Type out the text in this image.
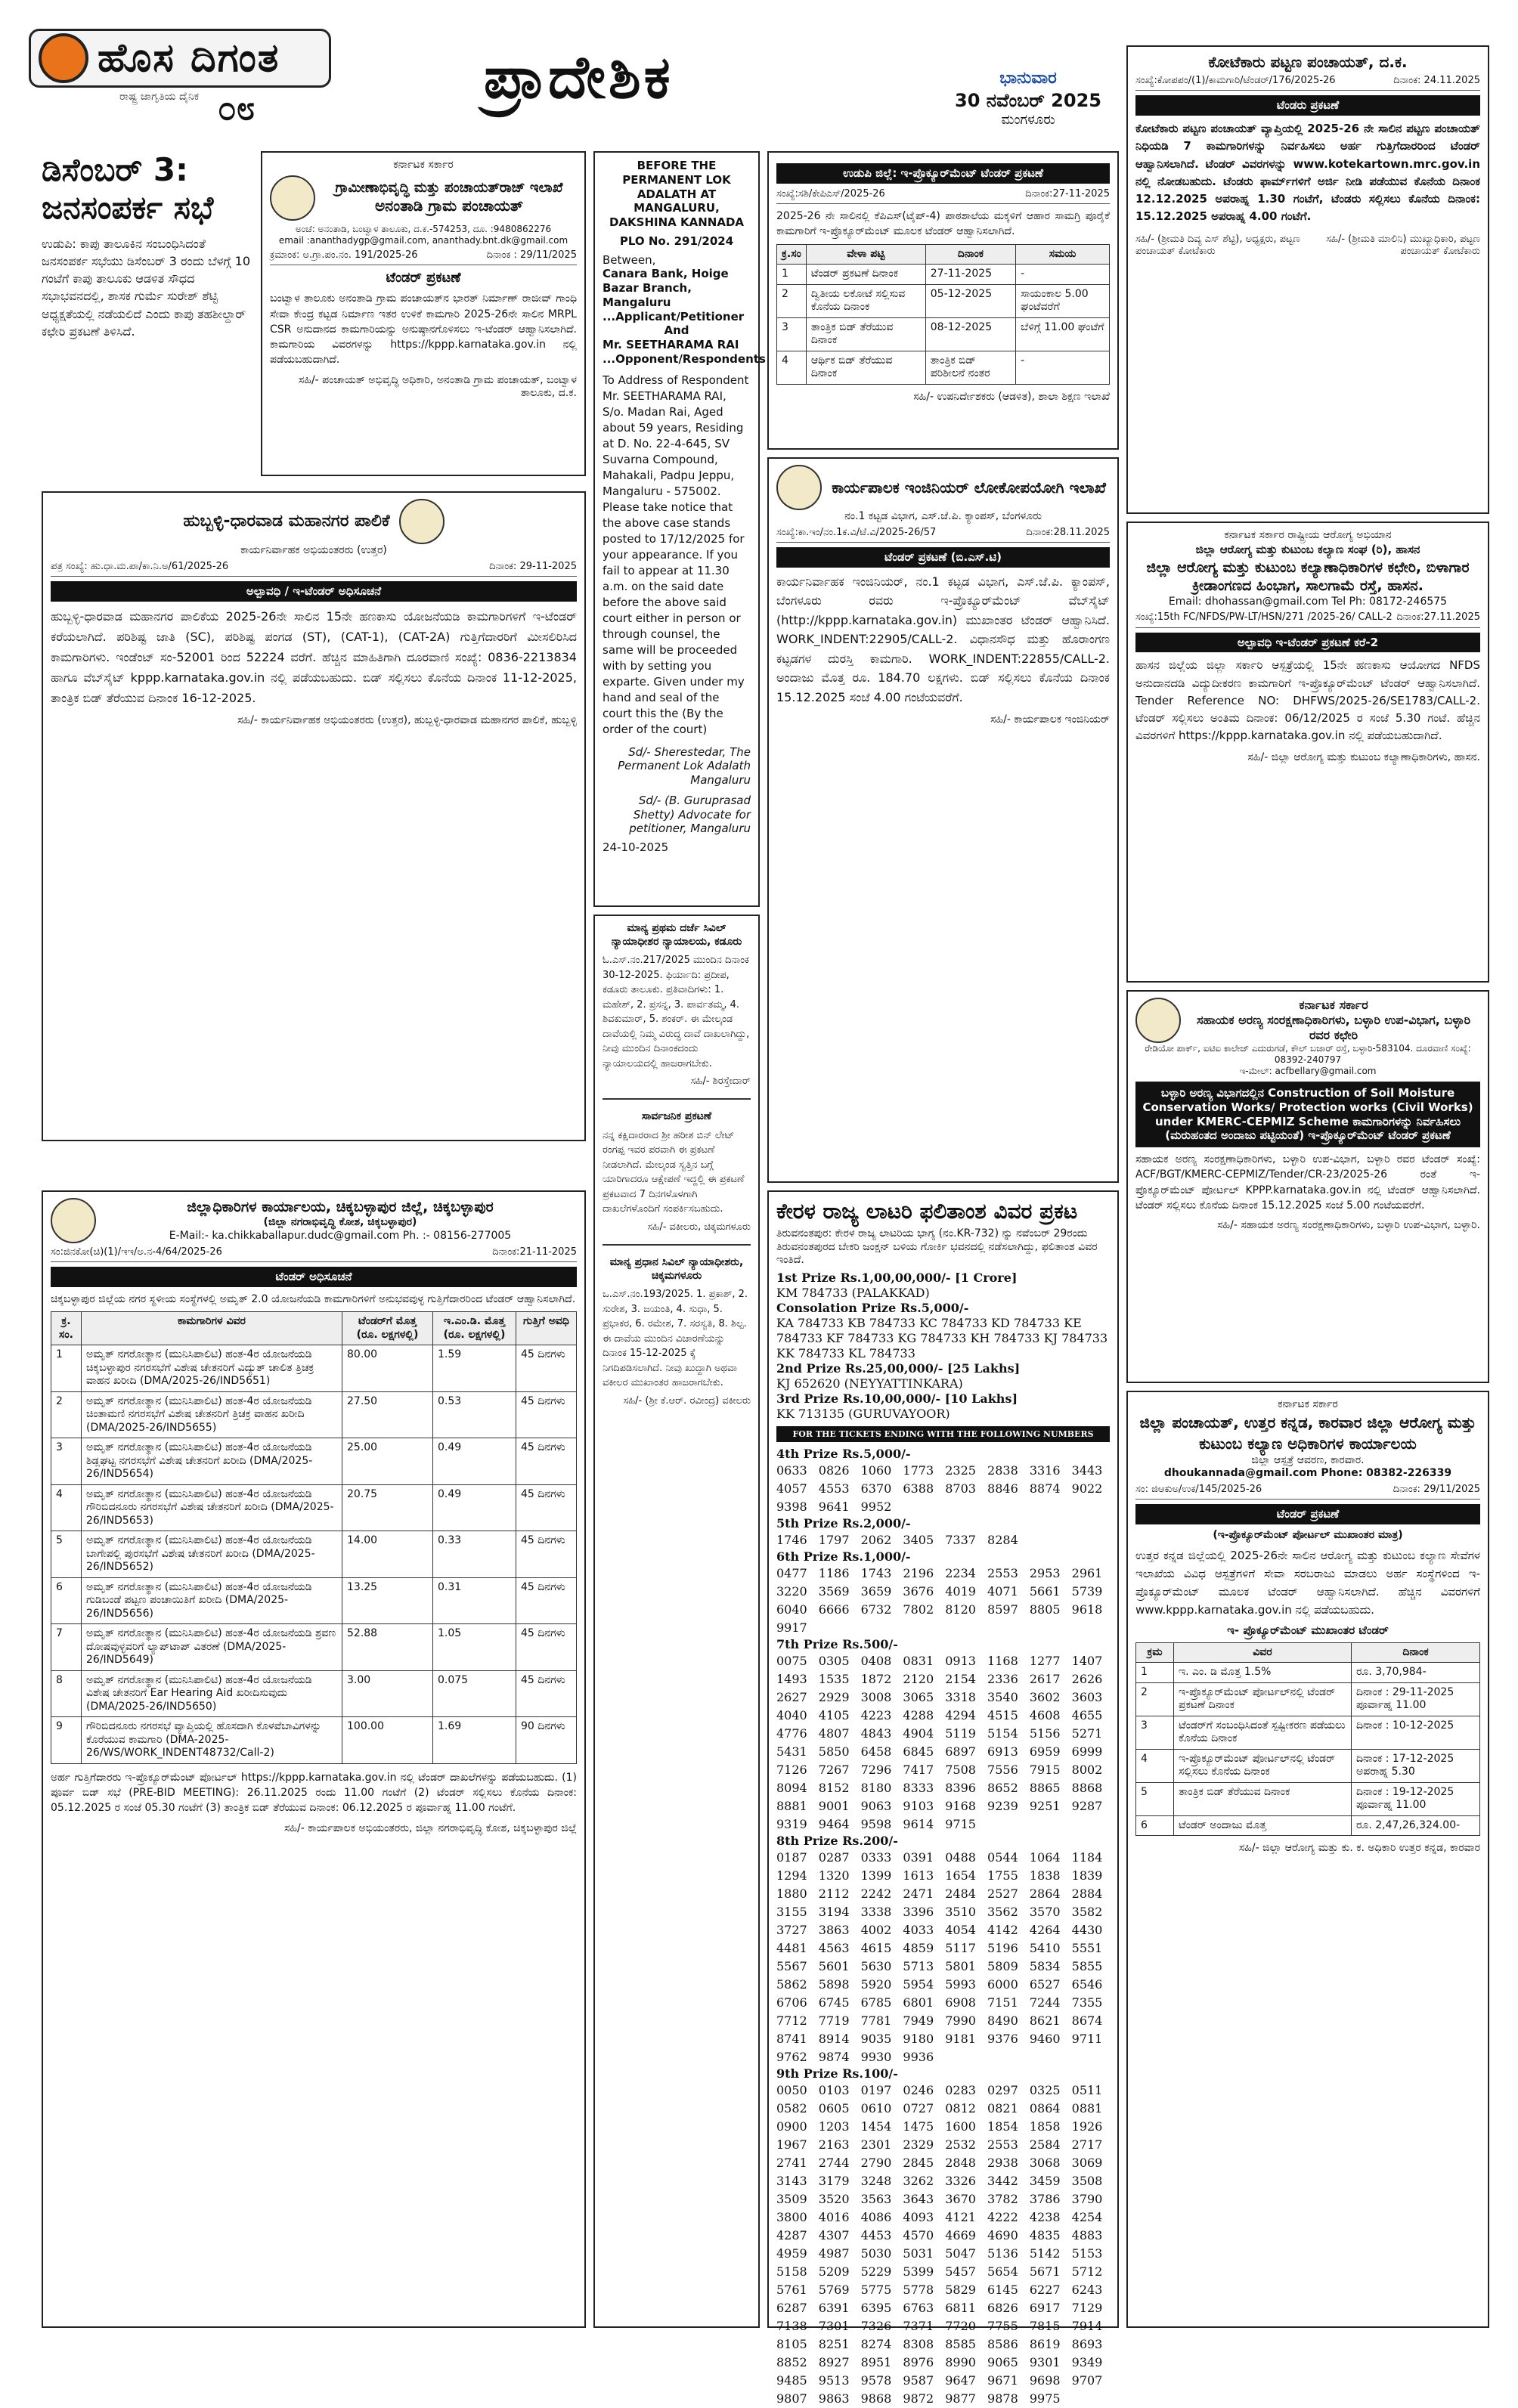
ಹೊಸ ದಿಗಂತ
ರಾಷ್ಟ್ರ ಜಾಗೃತಿಯ ದೈನಿಕ ೦೮	ಪ್ರಾದೇಶಿಕ	ಭಾನುವಾರ
30 ನವೆಂಬರ್ 2025
ಮಂಗಳೂರು
ಡಿಸೆಂಬರ್ 3: ಜನಸಂಪರ್ಕ ಸಭೆ

ಉಡುಪಿ: ಕಾಪು ತಾಲೂಕಿನ ಸಂಬಂಧಿಸಿದಂತೆ ಜನಸಂಪರ್ಕ ಸಭೆಯು ಡಿಸೆಂಬರ್ 3 ರಂದು ಬೆಳಗ್ಗೆ 10 ಗಂಟೆಗೆ ಕಾಪು ತಾಲೂಕು ಆಡಳಿತ ಸೌಧದ ಸಭಾಭವನದಲ್ಲಿ, ಶಾಸಕ ಗುರ್ಮೆ ಸುರೇಶ್ ಶೆಟ್ಟಿ ಅಧ್ಯಕ್ಷತೆಯಲ್ಲಿ ನಡೆಯಲಿದೆ ಎಂದು ಕಾಪು ತಹಶೀಲ್ದಾರ್ ಕಛೇರಿ ಪ್ರಕಟಣೆ ತಿಳಿಸಿದೆ.

ಕರ್ನಾಟಕ ಸರ್ಕಾರ
ಗ್ರಾಮೀಣಾಭಿವೃದ್ಧಿ ಮತ್ತು ಪಂಚಾಯತ್‌ರಾಜ್ ಇಲಾಖೆ
ಅನಂತಾಡಿ ಗ್ರಾಮ ಪಂಚಾಯತ್
ಅಂಚೆ: ಅನಂತಾಡಿ, ಬಂಟ್ವಾಳ ತಾಲೂಕು, ದ.ಕ.-574253, ದೂ. :9480862276
email :ananthadygp@gmail.com, ananthady.bnt.dk@gmail.com
ಕ್ರಮಾಂಕ: ಅ.ಗ್ರಾ.ಪಂ.ನಂ. 191/2025-26	ದಿನಾಂಕ : 29/11/2025
ಟೆಂಡರ್ ಪ್ರಕಟಣೆ
ಬಂಟ್ವಾಳ ತಾಲೂಕು ಅನಂತಾಡಿ ಗ್ರಾಮ ಪಂಚಾಯತ್‌ನ ಭಾರತ್ ನಿರ್ಮಾಣ್ ರಾಜೀವ್ ಗಾಂಧಿ ಸೇವಾ ಕೇಂದ್ರ ಕಟ್ಟಡ ನಿರ್ಮಾಣ ಇತರ ಉಳಿಕೆ ಕಾಮಗಾರಿ 2025-26ನೇ ಸಾಲಿನ MRPL CSR ಅನುದಾನದ ಕಾಮಗಾರಿಯನ್ನು ಅನುಷ್ಠಾನಗೊಳಿಸಲು ಇ-ಟೆಂಡರ್ ಆಹ್ವಾನಿಸಲಾಗಿದೆ. ಕಾಮಗಾರಿಯ ವಿವರಗಳನ್ನು https://kppp.karnataka.gov.in ನಲ್ಲಿ ಪಡೆಯಬಹುದಾಗಿದೆ.
ಸಹಿ/- ಪಂಚಾಯತ್ ಅಭಿವೃದ್ಧಿ ಅಧಿಕಾರಿ, ಅನಂತಾಡಿ ಗ್ರಾಮ ಪಂಚಾಯತ್, ಬಂಟ್ವಾಳ ತಾಲೂಕು, ದ.ಕ.
BEFORE THE PERMANENT LOK ADALATH AT MANGALURU, DAKSHINA KANNADA
PLO No. 291/2024
Between,
Canara Bank, Hoige Bazar Branch, Mangaluru ...Applicant/Petitioner
And
Mr. SEETHARAMA RAI ...Opponent/Respondents
To Address of Respondent Mr. SEETHARAMA RAI, S/o. Madan Rai, Aged about 59 years, Residing at D. No. 22-4-645, SV Suvarna Compound, Mahakali, Padpu Jeppu, Mangaluru - 575002. Please take notice that the above case stands posted to 17/12/2025 for your appearance. If you fail to appear at 11.30 a.m. on the said date before the above said court either in person or through counsel, the same will be proceeded with by setting you exparte. Given under my hand and seal of the court this the (By the order of the court)
Sd/- Sherestedar, The Permanent Lok Adalath Mangaluru
Sd/- (B. Guruprasad Shetty) Advocate for petitioner, Mangaluru
24-10-2025
ಉಡುಪಿ ಜಿಲ್ಲೆ: ಇ-ಪ್ರೊಕ್ಯೂರ್‌ಮೆಂಟ್ ಟೆಂಡರ್ ಪ್ರಕಟಣೆ
ಸಂಖ್ಯೆ:ಸಶಿ/ಕೇಪಿಎಸ್/2025-26	ದಿನಾಂಕ:27-11-2025
2025-26 ನೇ ಸಾಲಿನಲ್ಲಿ ಕೆಪಿಎಸ್(ಟೈಪ್-4) ಪಾಠಶಾಲೆಯ ಮಕ್ಕಳಿಗೆ ಆಹಾರ ಸಾಮಗ್ರಿ ಪೂರೈಕೆ ಕಾಮಗಾರಿಗೆ ಇ-ಪ್ರೊಕ್ಯೂರ್‌ಮೆಂಟ್ ಮೂಲಕ ಟೆಂಡರ್ ಆಹ್ವಾನಿಸಲಾಗಿದೆ.
ಕ್ರ.ಸಂ	ವೇಳಾ ಪಟ್ಟಿ	ದಿನಾಂಕ	ಸಮಯ
1	ಟೆಂಡರ್ ಪ್ರಕಟಣೆ ದಿನಾಂಕ	27-11-2025	-
2	ದ್ವಿತೀಯ ಲಕೋಟೆ ಸಲ್ಲಿಸುವ ಕೊನೆಯ ದಿನಾಂಕ	05-12-2025	ಸಾಯಂಕಾಲ 5.00 ಘಂಟೆವರೆಗೆ
3	ತಾಂತ್ರಿಕ ಬಿಡ್ ತೆರೆಯುವ ದಿನಾಂಕ	08-12-2025	ಬೆಳಿಗ್ಗೆ 11.00 ಘಂಟೆಗೆ
4	ಆರ್ಥಿಕ ಬಿಡ್ ತೆರೆಯುವ ದಿನಾಂಕ	ತಾಂತ್ರಿಕ ಬಿಡ್ ಪರಿಶೀಲನೆ ನಂತರ	-
ಸಹಿ/- ಉಪನಿರ್ದೇಶಕರು (ಆಡಳಿತ), ಶಾಲಾ ಶಿಕ್ಷಣ ಇಲಾಖೆ
ಕಾರ್ಯಪಾಲಕ ಇಂಜಿನಿಯರ್ ಲೋಕೋಪಯೋಗಿ ಇಲಾಖೆ
ನಂ.1 ಕಟ್ಟಡ ವಿಭಾಗ, ಎಸ್.ಜೆ.ಪಿ. ಕ್ಯಾಂಪಸ್, ಬೆಂಗಳೂರು
ಸಂಖ್ಯೆ:ಕಾ.ಇಂ/ನಂ.1ಕ.ವಿ/ಟೆ.ವಿ/2025-26/57	ದಿನಾಂಕ:28.11.2025
ಟೆಂಡರ್ ಪ್ರಕಟಣೆ (ಬಿ.ಎಸ್.ಟಿ)
ಕಾರ್ಯನಿರ್ವಾಹಕ ಇಂಜಿನಿಯರ್, ನಂ.1 ಕಟ್ಟಡ ವಿಭಾಗ, ಎಸ್.ಜೆ.ಪಿ. ಕ್ಯಾಂಪಸ್, ಬೆಂಗಳೂರು ರವರು ಇ-ಪ್ರೊಕ್ಯೂರ್‌ಮೆಂಟ್ ವೆಬ್‌ಸೈಟ್ (http://kppp.karnataka.gov.in) ಮುಖಾಂತರ ಟೆಂಡರ್ ಆಹ್ವಾನಿಸಿದೆ. WORK_INDENT:22905/CALL-2. ವಿಧಾನಸೌಧ ಮತ್ತು ಹೊರಾಂಗಣ ಕಟ್ಟಡಗಳ ದುರಸ್ತಿ ಕಾಮಗಾರಿ. WORK_INDENT:22855/CALL-2. ಅಂದಾಜು ಮೊತ್ತ ರೂ. 184.70 ಲಕ್ಷಗಳು. ಬಿಡ್ ಸಲ್ಲಿಸಲು ಕೊನೆಯ ದಿನಾಂಕ 15.12.2025 ಸಂಜೆ 4.00 ಗಂಟೆಯವರೆಗೆ.
ಸಹಿ/- ಕಾರ್ಯಪಾಲಕ ಇಂಜಿನಿಯರ್
ಹುಬ್ಬಳ್ಳಿ-ಧಾರವಾಡ ಮಹಾನಗರ ಪಾಲಿಕೆ
ಕಾರ್ಯನಿರ್ವಾಹಕ ಅಭಿಯಂತರರು (ಉತ್ತರ)
ಪತ್ರ ಸಂಖ್ಯೆ: ಹು.ಧಾ.ಮ.ಪಾ/ಕಾ.ನಿ.ಅ/61/2025-26	ದಿನಾಂಕ: 29-11-2025
ಅಲ್ಪಾವಧಿ / ಇ-ಟೆಂಡರ್ ಅಧಿಸೂಚನೆ
ಹುಬ್ಬಳ್ಳಿ-ಧಾರವಾಡ ಮಹಾನಗರ ಪಾಲಿಕೆಯ 2025-26ನೇ ಸಾಲಿನ 15ನೇ ಹಣಕಾಸು ಯೋಜನೆಯಡಿ ಕಾಮಗಾರಿಗಳಿಗೆ ಇ-ಟೆಂಡರ್ ಕರೆಯಲಾಗಿದೆ. ಪರಿಶಿಷ್ಟ ಜಾತಿ (SC), ಪರಿಶಿಷ್ಟ ಪಂಗಡ (ST), (CAT-1), (CAT-2A) ಗುತ್ತಿಗೆದಾರರಿಗೆ ಮೀಸಲಿರಿಸಿದ ಕಾಮಗಾರಿಗಳು. ಇಂಡೆಂಟ್ ಸಂ-52001 ರಿಂದ 52224 ವರೆಗೆ. ಹೆಚ್ಚಿನ ಮಾಹಿತಿಗಾಗಿ ದೂರವಾಣಿ ಸಂಖ್ಯೆ: 0836-2213834 ಹಾಗೂ ವೆಬ್‌ಸೈಟ್ kppp.karnataka.gov.in ನಲ್ಲಿ ಪಡೆಯಬಹುದು. ಬಿಡ್ ಸಲ್ಲಿಸಲು ಕೊನೆಯ ದಿನಾಂಕ 11-12-2025, ತಾಂತ್ರಿಕ ಬಿಡ್ ತೆರೆಯುವ ದಿನಾಂಕ 16-12-2025.
ಸಹಿ/- ಕಾರ್ಯನಿರ್ವಾಹಕ ಅಭಿಯಂತರರು (ಉತ್ತರ), ಹುಬ್ಬಳ್ಳಿ-ಧಾರವಾಡ ಮಹಾನಗರ ಪಾಲಿಕೆ, ಹುಬ್ಬಳ್ಳಿ
ಜಿಲ್ಲಾಧಿಕಾರಿಗಳ ಕಾರ್ಯಾಲಯ, ಚಿಕ್ಕಬಳ್ಳಾಪುರ ಜಿಲ್ಲೆ, ಚಿಕ್ಕಬಳ್ಳಾಪುರ
(ಜಿಲ್ಲಾ ನಗರಾಭಿವೃದ್ಧಿ ಕೋಶ, ಚಿಕ್ಕಬಳ್ಳಾಪುರ)
E-Mail:- ka.chikkaballapur.dudc@gmail.com Ph. :- 08156-277005
ಸಂ:ಜಿನಕೋ(ಚಿ)(1)/ಇಇ/ಅ.ನ-4/64/2025-26	ದಿನಾಂಕ:21-11-2025
ಟೆಂಡರ್ ಅಧಿಸೂಚನೆ
ಚಿಕ್ಕಬಳ್ಳಾಪುರ ಜಿಲ್ಲೆಯ ನಗರ ಸ್ಥಳೀಯ ಸಂಸ್ಥೆಗಳಲ್ಲಿ ಅಮೃತ್ 2.0 ಯೋಜನೆಯಡಿ ಕಾಮಗಾರಿಗಳಿಗೆ ಅನುಭವವುಳ್ಳ ಗುತ್ತಿಗೆದಾರರಿಂದ ಟೆಂಡರ್ ಆಹ್ವಾನಿಸಲಾಗಿದೆ.
ಕ್ರ. ಸಂ.	ಕಾಮಗಾರಿಗಳ ವಿವರ	ಟೆಂಡರ್‌ಗೆ ಮೊತ್ತ (ರೂ. ಲಕ್ಷಗಳಲ್ಲಿ)	ಇ.ಎಂ.ಡಿ. ಮೊತ್ತ (ರೂ. ಲಕ್ಷಗಳಲ್ಲಿ)	ಗುತ್ತಿಗೆ ಅವಧಿ
1	ಅಮೃತ್ ನಗರೋತ್ಥಾನ (ಮುನಿಸಿಪಾಲಿಟಿ) ಹಂತ-4ರ ಯೋಜನೆಯಡಿ ಚಿಕ್ಕಬಳ್ಳಾಪುರ ನಗರಸಭೆಗೆ ವಿಶೇಷ ಚೇತನರಿಗೆ ವಿದ್ಯುತ್ ಚಾಲಿತ ತ್ರಿಚಕ್ರ ವಾಹನ ಖರೀದಿ (DMA/2025-26/IND5651)	80.00	1.59	45 ದಿನಗಳು
2	ಅಮೃತ್ ನಗರೋತ್ಥಾನ (ಮುನಿಸಿಪಾಲಿಟಿ) ಹಂತ-4ರ ಯೋಜನೆಯಡಿ ಚಿಂತಾಮಣಿ ನಗರಸಭೆಗೆ ವಿಶೇಷ ಚೇತನರಿಗೆ ತ್ರಿಚಕ್ರ ವಾಹನ ಖರೀದಿ (DMA/2025-26/IND5655)	27.50	0.53	45 ದಿನಗಳು
3	ಅಮೃತ್ ನಗರೋತ್ಥಾನ (ಮುನಿಸಿಪಾಲಿಟಿ) ಹಂತ-4ರ ಯೋಜನೆಯಡಿ ಶಿಡ್ಲಘಟ್ಟ ನಗರಸಭೆಗೆ ವಿಶೇಷ ಚೇತನರಿಗೆ ಖರೀದಿ (DMA/2025-26/IND5654)	25.00	0.49	45 ದಿನಗಳು
4	ಅಮೃತ್ ನಗರೋತ್ಥಾನ (ಮುನಿಸಿಪಾಲಿಟಿ) ಹಂತ-4ರ ಯೋಜನೆಯಡಿ ಗೌರಿಬಿದನೂರು ನಗರಸಭೆಗೆ ವಿಶೇಷ ಚೇತನರಿಗೆ ಖರೀದಿ (DMA/2025-26/IND5653)	20.75	0.49	45 ದಿನಗಳು
5	ಅಮೃತ್ ನಗರೋತ್ಥಾನ (ಮುನಿಸಿಪಾಲಿಟಿ) ಹಂತ-4ರ ಯೋಜನೆಯಡಿ ಬಾಗೇಪಲ್ಲಿ ಪುರಸಭೆಗೆ ವಿಶೇಷ ಚೇತನರಿಗೆ ಖರೀದಿ (DMA/2025-26/IND5652)	14.00	0.33	45 ದಿನಗಳು
6	ಅಮೃತ್ ನಗರೋತ್ಥಾನ (ಮುನಿಸಿಪಾಲಿಟಿ) ಹಂತ-4ರ ಯೋಜನೆಯಡಿ ಗುಡಿಬಂಡೆ ಪಟ್ಟಣ ಪಂಚಾಯಿತಿಗೆ ಖರೀದಿ (DMA/2025-26/IND5656)	13.25	0.31	45 ದಿನಗಳು
7	ಅಮೃತ್ ನಗರೋತ್ಥಾನ (ಮುನಿಸಿಪಾಲಿಟಿ) ಹಂತ-4ರ ಯೋಜನೆಯಡಿ ಶ್ರವಣ ದೋಷವುಳ್ಳವರಿಗೆ ಲ್ಯಾಪ್‌ಟಾಪ್ ವಿತರಣೆ (DMA/2025-26/IND5649)	52.88	1.05	45 ದಿನಗಳು
8	ಅಮೃತ್ ನಗರೋತ್ಥಾನ (ಮುನಿಸಿಪಾಲಿಟಿ) ಹಂತ-4ರ ಯೋಜನೆಯಡಿ ವಿಶೇಷ ಚೇತನರಿಗೆ Ear Hearing Aid ಖರೀದಿಸುವುದು (DMA/2025-26/IND5650)	3.00	0.075	45 ದಿನಗಳು
9	ಗೌರಿಬಿದನೂರು ನಗರಸಭೆ ವ್ಯಾಪ್ತಿಯಲ್ಲಿ ಹೊಸದಾಗಿ ಕೊಳವೆಬಾವಿಗಳನ್ನು ಕೊರೆಯುವ ಕಾಮಗಾರಿ (DMA-2025-26/WS/WORK_INDENT48732/Call-2)	100.00	1.69	90 ದಿನಗಳು
ಅರ್ಹ ಗುತ್ತಿಗೆದಾರರು ಇ-ಪ್ರೊಕ್ಯೂರ್‌ಮೆಂಟ್ ಪೋರ್ಟಲ್ https://kppp.karnataka.gov.in ನಲ್ಲಿ ಟೆಂಡರ್ ದಾಖಲೆಗಳನ್ನು ಪಡೆಯಬಹುದು. (1) ಪೂರ್ವ ಬಿಡ್ ಸಭೆ (PRE-BID MEETING): 26.11.2025 ರಂದು 11.00 ಗಂಟೆಗೆ (2) ಟೆಂಡರ್ ಸಲ್ಲಿಸಲು ಕೊನೆಯ ದಿನಾಂಕ: 05.12.2025 ರ ಸಂಜೆ 05.30 ಗಂಟೆಗೆ (3) ತಾಂತ್ರಿಕ ಬಿಡ್ ತೆರೆಯುವ ದಿನಾಂಕ: 06.12.2025 ರ ಪೂರ್ವಾಹ್ನ 11.00 ಗಂಟೆಗೆ.
ಸಹಿ/- ಕಾರ್ಯಪಾಲಕ ಅಭಿಯಂತರರು, ಜಿಲ್ಲಾ ನಗರಾಭಿವೃದ್ಧಿ ಕೋಶ, ಚಿಕ್ಕಬಳ್ಳಾಪುರ ಜಿಲ್ಲೆ
ಮಾನ್ಯ ಪ್ರಥಮ ದರ್ಜೆ ಸಿವಿಲ್ ನ್ಯಾಯಾಧೀಶರ ನ್ಯಾಯಾಲಯ, ಕಡೂರು
ಓ.ಎಸ್.ನಂ.217/2025 ಮುಂದಿನ ದಿನಾಂಕ 30-12-2025. ಫಿರ್ಯಾದಿ: ಪ್ರದೀಪ, ಕಡೂರು ತಾಲೂಕು. ಪ್ರತಿವಾದಿಗಳು: 1. ಮಹೇಶ್, 2. ಪ್ರಸನ್ನ, 3. ಪಾರ್ವತಮ್ಮ, 4. ಶಿವಕುಮಾರ್, 5. ಶಂಕರ್. ಈ ಮೇಲ್ಕಂಡ ದಾವೆಯಲ್ಲಿ ನಿಮ್ಮ ವಿರುದ್ಧ ದಾವೆ ದಾಖಲಾಗಿದ್ದು, ನೀವು ಮುಂದಿನ ದಿನಾಂಕದಂದು ನ್ಯಾಯಾಲಯದಲ್ಲಿ ಹಾಜರಾಗಬೇಕು.
ಸಹಿ/- ಶಿರಸ್ತೇದಾರ್
ಸಾರ್ವಜನಿಕ ಪ್ರಕಟಣೆ
ನನ್ನ ಕಕ್ಷಿದಾರರಾದ ಶ್ರೀ ಹರೀಶ ಬಿನ್ ಲೇಟ್ ರಂಗಪ್ಪ ಇವರ ಪರವಾಗಿ ಈ ಪ್ರಕಟಣೆ ನೀಡಲಾಗಿದೆ. ಮೇಲ್ಕಂಡ ಸ್ವತ್ತಿನ ಬಗ್ಗೆ ಯಾರಿಗಾದರೂ ಆಕ್ಷೇಪಣೆ ಇದ್ದಲ್ಲಿ ಈ ಪ್ರಕಟಣೆ ಪ್ರಕಟವಾದ 7 ದಿನಗಳೊಳಗಾಗಿ ದಾಖಲೆಗಳೊಂದಿಗೆ ಸಂಪರ್ಕಿಸಬಹುದು.
ಸಹಿ/- ವಕೀಲರು, ಚಿಕ್ಕಮಗಳೂರು
ಮಾನ್ಯ ಪ್ರಧಾನ ಸಿವಿಲ್ ನ್ಯಾಯಾಧೀಶರು, ಚಿಕ್ಕಮಗಳೂರು
ಒ.ಎಸ್.ನಂ.193/2025. 1. ಪ್ರಕಾಶ್, 2. ಸುರೇಶ, 3. ಜಯಂತಿ, 4. ಸುಧಾ, 5. ಪ್ರಭಾಕರ, 6. ರಮೇಶ, 7. ಸರಸ್ವತಿ, 8. ಶಿಲ್ಪ. ಈ ದಾವೆಯ ಮುಂದಿನ ವಿಚಾರಣೆಯನ್ನು ದಿನಾಂಕ 15-12-2025 ಕ್ಕೆ ನಿಗದಿಪಡಿಸಲಾಗಿದೆ. ನೀವು ಖುದ್ದಾಗಿ ಅಥವಾ ವಕೀಲರ ಮುಖಾಂತರ ಹಾಜರಾಗಬೇಕು.
ಸಹಿ/- (ಶ್ರೀ ಕೆ.ಆರ್. ರವೀಂದ್ರ) ವಕೀಲರು
ಕೇರಳ ರಾಜ್ಯ ಲಾಟರಿ ಫಲಿತಾಂಶ ವಿವರ ಪ್ರಕಟ
ತಿರುವನಂತಪುರ: ಕೇರಳ ರಾಜ್ಯ ಲಾಟರಿಯ ಭಾಗ್ಯ (ನಂ.KR-732) ನ್ನು ನವೆಂಬರ್ 29ರಂದು ತಿರುವನಂತಪುರದ ಬೇಕರಿ ಜಂಕ್ಷನ್ ಬಳಿಯ ಗೋರ್ಕಿ ಭವನದಲ್ಲಿ ನಡೆಸಲಾಗಿದ್ದು, ಫಲಿತಾಂಶ ವಿವರ ಇಂತಿದೆ.
1st Prize Rs.1,00,00,000/- [1 Crore]
KM 784733 (PALAKKAD)
Consolation Prize Rs.5,000/-
KA 784733 KB 784733 KC 784733 KD 784733 KE 784733 KF 784733 KG 784733 KH 784733 KJ 784733 KK 784733 KL 784733
2nd Prize Rs.25,00,000/- [25 Lakhs]
KJ 652620 (NEYYATTINKARA)
3rd Prize Rs.10,00,000/- [10 Lakhs]
KK 713135 (GURUVAYOOR)
FOR THE TICKETS ENDING WITH THE FOLLOWING NUMBERS
4th Prize Rs.5,000/-
0633 0826 1060 1773 2325 2838 3316 3443 4057 4553 6370 6388 8703 8846 8874 9022 9398 9641 9952
5th Prize Rs.2,000/-
1746 1797 2062 3405 7337 8284
6th Prize Rs.1,000/-
0477 1186 1743 2196 2234 2553 2953 2961 3220 3569 3659 3676 4019 4071 5661 5739 6040 6666 6732 7802 8120 8597 8805 9618 9917
7th Prize Rs.500/-
0075 0305 0408 0831 0913 1168 1277 1407 1493 1535 1872 2120 2154 2336 2617 2626 2627 2929 3008 3065 3318 3540 3602 3603 4040 4105 4223 4288 4294 4515 4608 4655 4776 4807 4843 4904 5119 5154 5156 5271 5431 5850 6458 6845 6897 6913 6959 6999 7126 7267 7296 7417 7508 7556 7915 8002 8094 8152 8180 8333 8396 8652 8865 8868 8881 9001 9063 9103 9168 9239 9251 9287 9319 9464 9598 9614 9715
8th Prize Rs.200/-
0187 0287 0333 0391 0488 0544 1064 1184 1294 1320 1399 1613 1654 1755 1838 1839 1880 2112 2242 2471 2484 2527 2864 2884 3155 3194 3338 3396 3510 3562 3570 3582 3727 3863 4002 4033 4054 4142 4264 4430 4481 4563 4615 4859 5117 5196 5410 5551 5567 5601 5630 5713 5801 5809 5834 5855 5862 5898 5920 5954 5993 6000 6527 6546 6706 6745 6785 6801 6908 7151 7244 7355 7712 7719 7781 7949 7990 8490 8621 8674 8741 8914 9035 9180 9181 9376 9460 9711 9762 9874 9930 9936
9th Prize Rs.100/-
0050 0103 0197 0246 0283 0297 0325 0511 0582 0605 0610 0727 0812 0821 0864 0881 0900 1203 1454 1475 1600 1854 1858 1926 1967 2163 2301 2329 2532 2553 2584 2717 2741 2744 2790 2845 2848 2938 3068 3069 3143 3179 3248 3262 3326 3442 3459 3508 3509 3520 3563 3643 3670 3782 3786 3790 3800 4016 4086 4093 4121 4222 4238 4254 4287 4307 4453 4570 4669 4690 4835 4883 4959 4987 5030 5031 5047 5136 5142 5153 5158 5209 5229 5399 5457 5654 5671 5712 5761 5769 5775 5778 5829 6145 6227 6243 6287 6391 6395 6763 6811 6826 6917 7129 7138 7301 7326 7371 7720 7755 7815 7914 8105 8251 8274 8308 8585 8586 8619 8693 8852 8927 8951 8976 8990 9065 9301 9349 9485 9513 9578 9587 9647 9671 9698 9707 9807 9863 9868 9872 9877 9878 9975
ಕೋಟೆಕಾರು ಪಟ್ಟಣ ಪಂಚಾಯತ್, ದ.ಕ.
ಸಂಖ್ಯೆ:ಕೋಪಪಂ/(1)/ಕಾಮಗಾರಿ/ಟೆಂಡರ್/176/2025-26	ದಿನಾಂಕ: 24.11.2025
ಟೆಂಡರು ಪ್ರಕಟಣೆ
ಕೋಟೆಕಾರು ಪಟ್ಟಣ ಪಂಚಾಯತ್ ವ್ಯಾಪ್ತಿಯಲ್ಲಿ 2025-26 ನೇ ಸಾಲಿನ ಪಟ್ಟಣ ಪಂಚಾಯತ್ ನಿಧಿಯಡಿ 7 ಕಾಮಗಾರಿಗಳನ್ನು ನಿರ್ವಹಿಸಲು ಅರ್ಹ ಗುತ್ತಿಗೆದಾರರಿಂದ ಟೆಂಡರ್ ಆಹ್ವಾನಿಸಲಾಗಿದೆ. ಟೆಂಡರ್ ವಿವರಗಳನ್ನು www.kotekartown.mrc.gov.in ನಲ್ಲಿ ನೋಡಬಹುದು. ಟೆಂಡರು ಫಾರ್ಮ್‌ಗಳಿಗೆ ಅರ್ಜಿ ನೀಡಿ ಪಡೆಯುವ ಕೊನೆಯ ದಿನಾಂಕ 12.12.2025 ಅಪರಾಹ್ನ 1.30 ಗಂಟೆಗೆ, ಟೆಂಡರು ಸಲ್ಲಿಸಲು ಕೊನೆಯ ದಿನಾಂಕ: 15.12.2025 ಅಪರಾಹ್ನ 4.00 ಗಂಟೆಗೆ.
ಸಹಿ/- (ಶ್ರೀಮತಿ ದಿವ್ಯ ಎಸ್ ಶೆಟ್ಟಿ), ಅಧ್ಯಕ್ಷರು, ಪಟ್ಟಣ ಪಂಚಾಯತ್ ಕೋಟೆಕಾರು
ಸಹಿ/- (ಶ್ರೀಮತಿ ಮಾಲಿನಿ) ಮುಖ್ಯಾಧಿಕಾರಿ, ಪಟ್ಟಣ ಪಂಚಾಯತ್ ಕೋಟೆಕಾರು
ಕರ್ನಾಟಕ ಸರ್ಕಾರ ರಾಷ್ಟ್ರೀಯ ಆರೋಗ್ಯ ಅಭಿಯಾನ
ಜಿಲ್ಲಾ ಆರೋಗ್ಯ ಮತ್ತು ಕುಟುಂಬ ಕಲ್ಯಾಣ ಸಂಘ (ರಿ), ಹಾಸನ
ಜಿಲ್ಲಾ ಆರೋಗ್ಯ ಮತ್ತು ಕುಟುಂಬ ಕಲ್ಯಾಣಾಧಿಕಾರಿಗಳ ಕಛೇರಿ, ಬಿಳಾಗಾರ ಕ್ರೀಡಾಂಗಣದ ಹಿಂಭಾಗ, ಸಾಲಗಾಮೆ ರಸ್ತೆ, ಹಾಸನ.
Email: dhohassan@gmail.com Tel Ph: 08172-246575
ಸಂಖ್ಯೆ:15th FC/NFDS/PW-LT/HSN/271 /2025-26/ CALL-2 ದಿನಾಂಕ:27.11.2025
ಅಲ್ಪಾವಧಿ ಇ-ಟೆಂಡರ್ ಪ್ರಕಟಣೆ ಕರೆ-2
ಹಾಸನ ಜಿಲ್ಲೆಯ ಜಿಲ್ಲಾ ಸರ್ಕಾರಿ ಆಸ್ಪತ್ರೆಯಲ್ಲಿ 15ನೇ ಹಣಕಾಸು ಆಯೋಗದ NFDS ಅನುದಾನದಡಿ ವಿದ್ಯುದೀಕರಣ ಕಾಮಗಾರಿಗೆ ಇ-ಪ್ರೊಕ್ಯೂರ್‌ಮೆಂಟ್ ಟೆಂಡರ್ ಆಹ್ವಾನಿಸಲಾಗಿದೆ. Tender Reference NO: DHFWS/2025-26/SE1783/CALL-2. ಟೆಂಡರ್ ಸಲ್ಲಿಸಲು ಅಂತಿಮ ದಿನಾಂಕ: 06/12/2025 ರ ಸಂಜೆ 5.30 ಗಂಟೆ. ಹೆಚ್ಚಿನ ವಿವರಗಳಿಗೆ https://kppp.karnataka.gov.in ನಲ್ಲಿ ಪಡೆಯಬಹುದಾಗಿದೆ.
ಸಹಿ/- ಜಿಲ್ಲಾ ಆರೋಗ್ಯ ಮತ್ತು ಕುಟುಂಬ ಕಲ್ಯಾಣಾಧಿಕಾರಿಗಳು, ಹಾಸನ.
ಕರ್ನಾಟಕ ಸರ್ಕಾರ
ಸಹಾಯಕ ಅರಣ್ಯ ಸಂರಕ್ಷಣಾಧಿಕಾರಿಗಳು, ಬಳ್ಳಾರಿ ಉಪ-ವಿಭಾಗ, ಬಳ್ಳಾರಿ ರವರ ಕಛೇರಿ
ರೇಡಿಯೋ ಪಾರ್ಕ್, ಐಟಿಐ ಕಾಲೇಜ್ ಎದುರುಗಡೆ, ಕೌಲ್ ಬಜಾರ್ ರಸ್ತೆ, ಬಳ್ಳಾರಿ-583104. ದೂರವಾಣಿ ಸಂಖ್ಯೆ: 08392-240797
ಇ-ಮೇಲ್: acfbellary@gmail.com
ಬಳ್ಳಾರಿ ಅರಣ್ಯ ವಿಭಾಗದಲ್ಲಿನ Construction of Soil Moisture Conservation Works/ Protection works (Civil Works) under KMERC-CEPMIZ Scheme ಕಾಮಗಾರಿಗಳನ್ನು ನಿರ್ವಹಿಸಲು (ಮರುಹಂತದ ಅಂದಾಜು ಪಟ್ಟಿಯಂತೆ) ಇ-ಪ್ರೊಕ್ಯೂರ್‌ಮೆಂಟ್ ಟೆಂಡರ್ ಪ್ರಕಟಣೆ
ಸಹಾಯಕ ಅರಣ್ಯ ಸಂರಕ್ಷಣಾಧಿಕಾರಿಗಳು, ಬಳ್ಳಾರಿ ಉಪ-ವಿಭಾಗ, ಬಳ್ಳಾರಿ ರವರ ಟೆಂಡರ್ ಸಂಖ್ಯೆ: ACF/BGT/KMERC-CEPMIZ/Tender/CR-23/2025-26 ರಂತೆ ಇ-ಪ್ರೊಕ್ಯೂರ್‌ಮೆಂಟ್ ಪೋರ್ಟಲ್ KPPP.karnataka.gov.in ನಲ್ಲಿ ಟೆಂಡರ್ ಆಹ್ವಾನಿಸಲಾಗಿದೆ. ಟೆಂಡರ್ ಸಲ್ಲಿಸಲು ಕೊನೆಯ ದಿನಾಂಕ 15.12.2025 ಸಂಜೆ 5.00 ಗಂಟೆಯವರೆಗೆ.
ಸಹಿ/- ಸಹಾಯಕ ಅರಣ್ಯ ಸಂರಕ್ಷಣಾಧಿಕಾರಿಗಳು, ಬಳ್ಳಾರಿ ಉಪ-ವಿಭಾಗ, ಬಳ್ಳಾರಿ.
ಕರ್ನಾಟಕ ಸರ್ಕಾರ
ಜಿಲ್ಲಾ ಪಂಚಾಯತ್, ಉತ್ತರ ಕನ್ನಡ, ಕಾರವಾರ ಜಿಲ್ಲಾ ಆರೋಗ್ಯ ಮತ್ತು ಕುಟುಂಬ ಕಲ್ಯಾಣ ಅಧಿಕಾರಿಗಳ ಕಾರ್ಯಾಲಯ
ಜಿಲ್ಲಾ ಆಸ್ಪತ್ರೆ ಆವರಣ, ಕಾರವಾರ.
dhoukannada@gmail.com Phone: 08382-226339
ಸಂ: ಜಿಆಕುಅ/ಉಕ/145/2025-26	ದಿನಾಂಕ: 29/11/2025
ಟೆಂಡರ್ ಪ್ರಕಟಣೆ
(ಇ-ಪ್ರೊಕ್ಯೂರ್‌ಮೆಂಟ್ ಪೋರ್ಟಲ್ ಮುಖಾಂತರ ಮಾತ್ರ)
ಉತ್ತರ ಕನ್ನಡ ಜಿಲ್ಲೆಯಲ್ಲಿ 2025-26ನೇ ಸಾಲಿನ ಆರೋಗ್ಯ ಮತ್ತು ಕುಟುಂಬ ಕಲ್ಯಾಣ ಸೇವೆಗಳ ಇಲಾಖೆಯ ವಿವಿಧ ಆಸ್ಪತ್ರೆಗಳಿಗೆ ಸೇವಾ ಸರಬರಾಜು ಮಾಡಲು ಅರ್ಹ ಸಂಸ್ಥೆಗಳಿಂದ ಇ-ಪ್ರೊಕ್ಯೂರ್‌ಮೆಂಟ್ ಮೂಲಕ ಟೆಂಡರ್ ಆಹ್ವಾನಿಸಲಾಗಿದೆ. ಹೆಚ್ಚಿನ ವಿವರಗಳಿಗೆ www.kppp.karnataka.gov.in ನಲ್ಲಿ ಪಡೆಯಬಹುದು.
ಇ- ಪ್ರೊಕ್ಯೂರ್‌ಮೆಂಟ್ ಮುಖಾಂತರ ಟೆಂಡರ್
ಕ್ರಮ	ವಿವರ	ದಿನಾಂಕ
1	ಇ. ಎಂ. ಡಿ ಮೊತ್ತ 1.5%	ರೂ. 3,70,984-
2	ಇ-ಪ್ರೊಕ್ಯೂರ್‌ಮೆಂಟ್ ಪೋರ್ಟಲ್‌ನಲ್ಲಿ ಟೆಂಡರ್ ಪ್ರಕಟಣೆ ದಿನಾಂಕ	ದಿನಾಂಕ : 29-11-2025 ಪೂರ್ವಾಹ್ನ 11.00
3	ಟೆಂಡರ್‌ಗೆ ಸಂಬಂಧಿಸಿದಂತೆ ಸ್ಪಷ್ಟೀಕರಣ ಪಡೆಯಲು ಕೊನೆಯ ದಿನಾಂಕ	ದಿನಾಂಕ : 10-12-2025
4	ಇ-ಪ್ರೊಕ್ಯೂರ್‌ಮೆಂಟ್ ಪೋರ್ಟಲ್‌ನಲ್ಲಿ ಟೆಂಡರ್ ಸಲ್ಲಿಸಲು ಕೊನೆಯ ದಿನಾಂಕ	ದಿನಾಂಕ : 17-12-2025 ಅಪರಾಹ್ನ 5.30
5	ತಾಂತ್ರಿಕ ಬಿಡ್ ತೆರೆಯುವ ದಿನಾಂಕ	ದಿನಾಂಕ : 19-12-2025 ಪೂರ್ವಾಹ್ನ 11.00
6	ಟೆಂಡರ್ ಅಂದಾಜು ಮೊತ್ತ	ರೂ. 2,47,26,324.00-
ಸಹಿ/- ಜಿಲ್ಲಾ ಆರೋಗ್ಯ ಮತ್ತು ಕು. ಕ. ಅಧಿಕಾರಿ ಉತ್ತರ ಕನ್ನಡ, ಕಾರವಾರ
